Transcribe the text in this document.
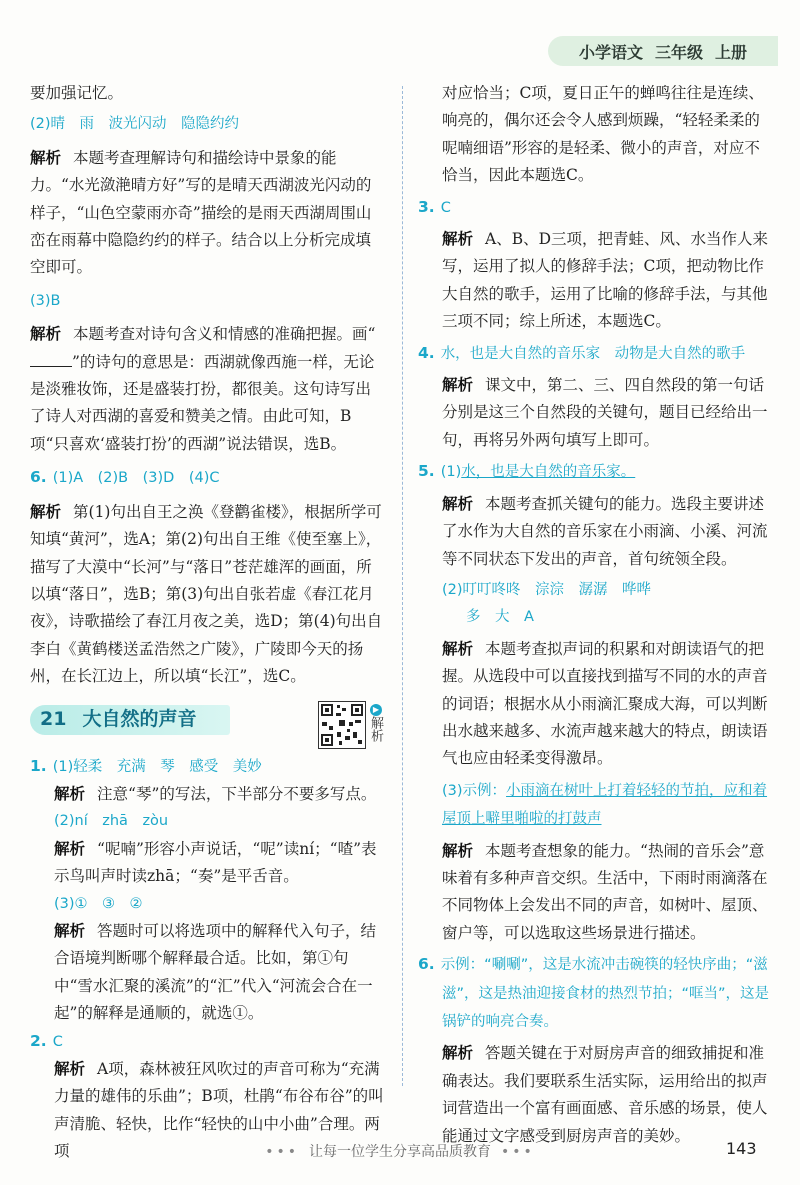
小学语文 三年级 上册

要加强记忆。

(2)晴　雨　波光闪动　隐隐约约

解析 本题考查理解诗句和描绘诗中景象的能力。“水光潋滟晴方好”写的是晴天西湖波光闪动的样子，“山色空蒙雨亦奇”描绘的是雨天西湖周围山峦在雨幕中隐隐约约的样子。结合以上分析完成填空即可。

(3)B

解析 本题考查对诗句含义和情感的准确把握。画“”的诗句的意思是：西湖就像西施一样，无论是淡雅妆饰，还是盛装打扮，都很美。这句诗写出了诗人对西湖的喜爱和赞美之情。由此可知，B项“只喜欢‘盛装打扮’的西湖”说法错误，选B。

6. (1)A　(2)B　(3)D　(4)C

解析 第(1)句出自王之涣《登鹳雀楼》，根据所学可知填“黄河”，选A；第(2)句出自王维《使至塞上》，描写了大漠中“长河”与“落日”苍茫雄浑的画面，所以填“落日”，选B；第(3)句出自张若虚《春江花月夜》，诗歌描绘了春江月夜之美，选D；第(4)句出自李白《黄鹤楼送孟浩然之广陵》，广陵即今天的扬州，在长江边上，所以填“长江”，选C。

21 大自然的声音	▶
解析

1. (1)轻柔　充满　琴　感受　美妙

解析 注意“琴”的写法，下半部分不要多写点。

(2)ní　zhā　zòu

解析 “呢喃”形容小声说话，“呢”读ní；“喳”表示鸟叫声时读zhā；“奏”是平舌音。

(3)①　③　②

解析 答题时可以将选项中的解释代入句子，结合语境判断哪个解释最合适。比如，第①句中“雪水汇聚的溪流”的“汇”代入“河流会合在一起”的解释是通顺的，就选①。

2. C

解析 A项，森林被狂风吹过的声音可称为“充满力量的雄伟的乐曲”；B项，杜鹃“布谷布谷”的叫声清脆、轻快，比作“轻快的山中小曲”合理。两项

对应恰当；C项，夏日正午的蝉鸣往往是连续、响亮的，偶尔还会令人感到烦躁，“轻轻柔柔的呢喃细语”形容的是轻柔、微小的声音，对应不恰当，因此本题选C。

3. C

解析 A、B、D三项，把青蛙、风、水当作人来写，运用了拟人的修辞手法；C项，把动物比作大自然的歌手，运用了比喻的修辞手法，与其他三项不同；综上所述，本题选C。

4. 水，也是大自然的音乐家　动物是大自然的歌手

解析 课文中，第二、三、四自然段的第一句话分别是这三个自然段的关键句，题目已经给出一句，再将另外两句填写上即可。

5. (1)水，也是大自然的音乐家。

解析 本题考查抓关键句的能力。选段主要讲述了水作为大自然的音乐家在小雨滴、小溪、河流等不同状态下发出的声音，首句统领全段。

(2)叮叮咚咚　淙淙　潺潺　哗哗

多　大　A

解析 本题考查拟声词的积累和对朗读语气的把握。从选段中可以直接找到描写不同的水的声音的词语；根据水从小雨滴汇聚成大海，可以判断出水越来越多、水流声越来越大的特点，朗读语气也应由轻柔变得激昂。

(3)示例：小雨滴在树叶上打着轻轻的节拍，应和着屋顶上噼里啪啦的打鼓声

解析 本题考查想象的能力。“热闹的音乐会”意味着有多种声音交织。生活中，下雨时雨滴落在不同物体上会发出不同的声音，如树叶、屋顶、窗户等，可以选取这些场景进行描述。

6. 示例：“唰唰”，这是水流冲击碗筷的轻快序曲；“滋滋”，这是热油迎接食材的热烈节拍；“哐当”，这是锅铲的响亮合奏。

解析 答题关键在于对厨房声音的细致捕捉和准确表达。我们要联系生活实际，运用给出的拟声词营造出一个富有画面感、音乐感的场景，使人能通过文字感受到厨房声音的美妙。

••• 让每一位学生分享高品质教育 •••	143
